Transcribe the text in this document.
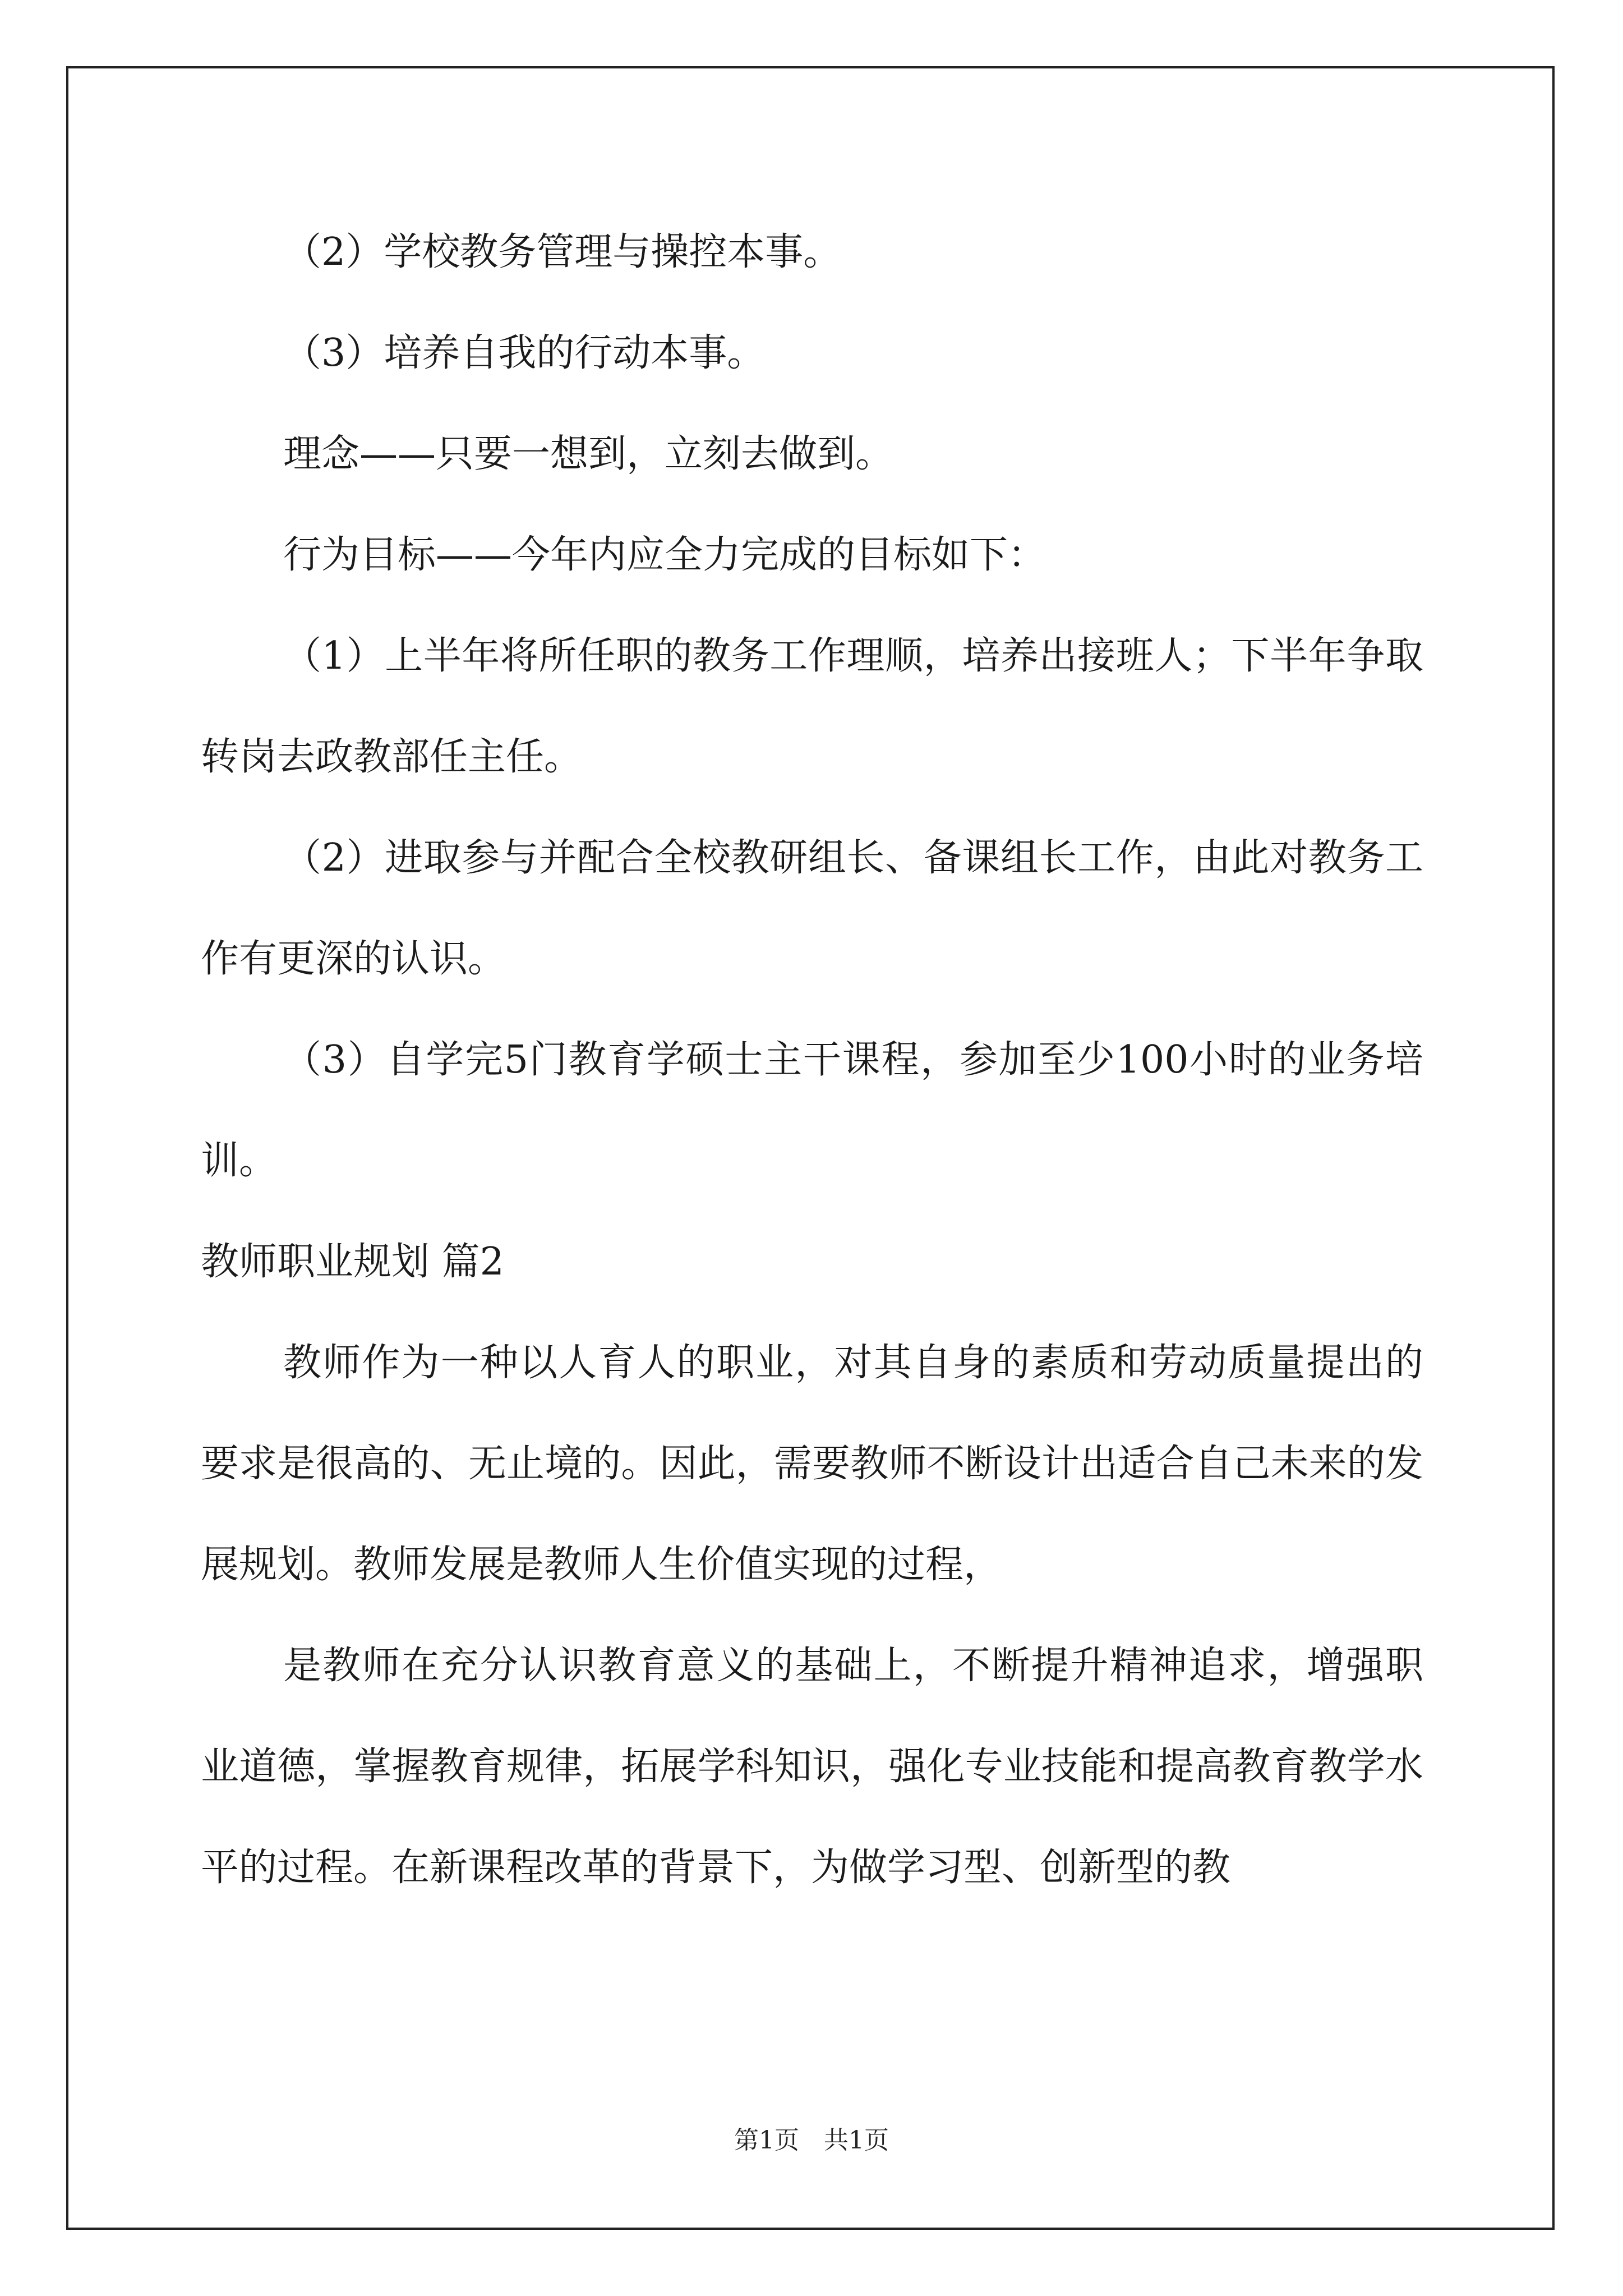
（2）学校教务管理与操控本事。

（3）培养自我的行动本事。

理念——只要一想到，立刻去做到。

行为目标——今年内应全力完成的目标如下：

（1）上半年将所任职的教务工作理顺，培养出接班人；下半年争取转岗去政教部任主任。

（2）进取参与并配合全校教研组长、备课组长工作，由此对教务工作有更深的认识。

（3）自学完5门教育学硕士主干课程，参加至少100小时的业务培训。

教师职业规划 篇2

教师作为一种以人育人的职业，对其自身的素质和劳动质量提出的要求是很高的、无止境的。因此，需要教师不断设计出适合自己未来的发展规划。教师发展是教师人生价值实现的过程，

是教师在充分认识教育意义的基础上，不断提升精神追求，增强职业道德，掌握教育规律，拓展学科知识，强化专业技能和提高教育教学水平的过程。在新课程改革的背景下，为做学习型、创新型的教

第1页　共1页
